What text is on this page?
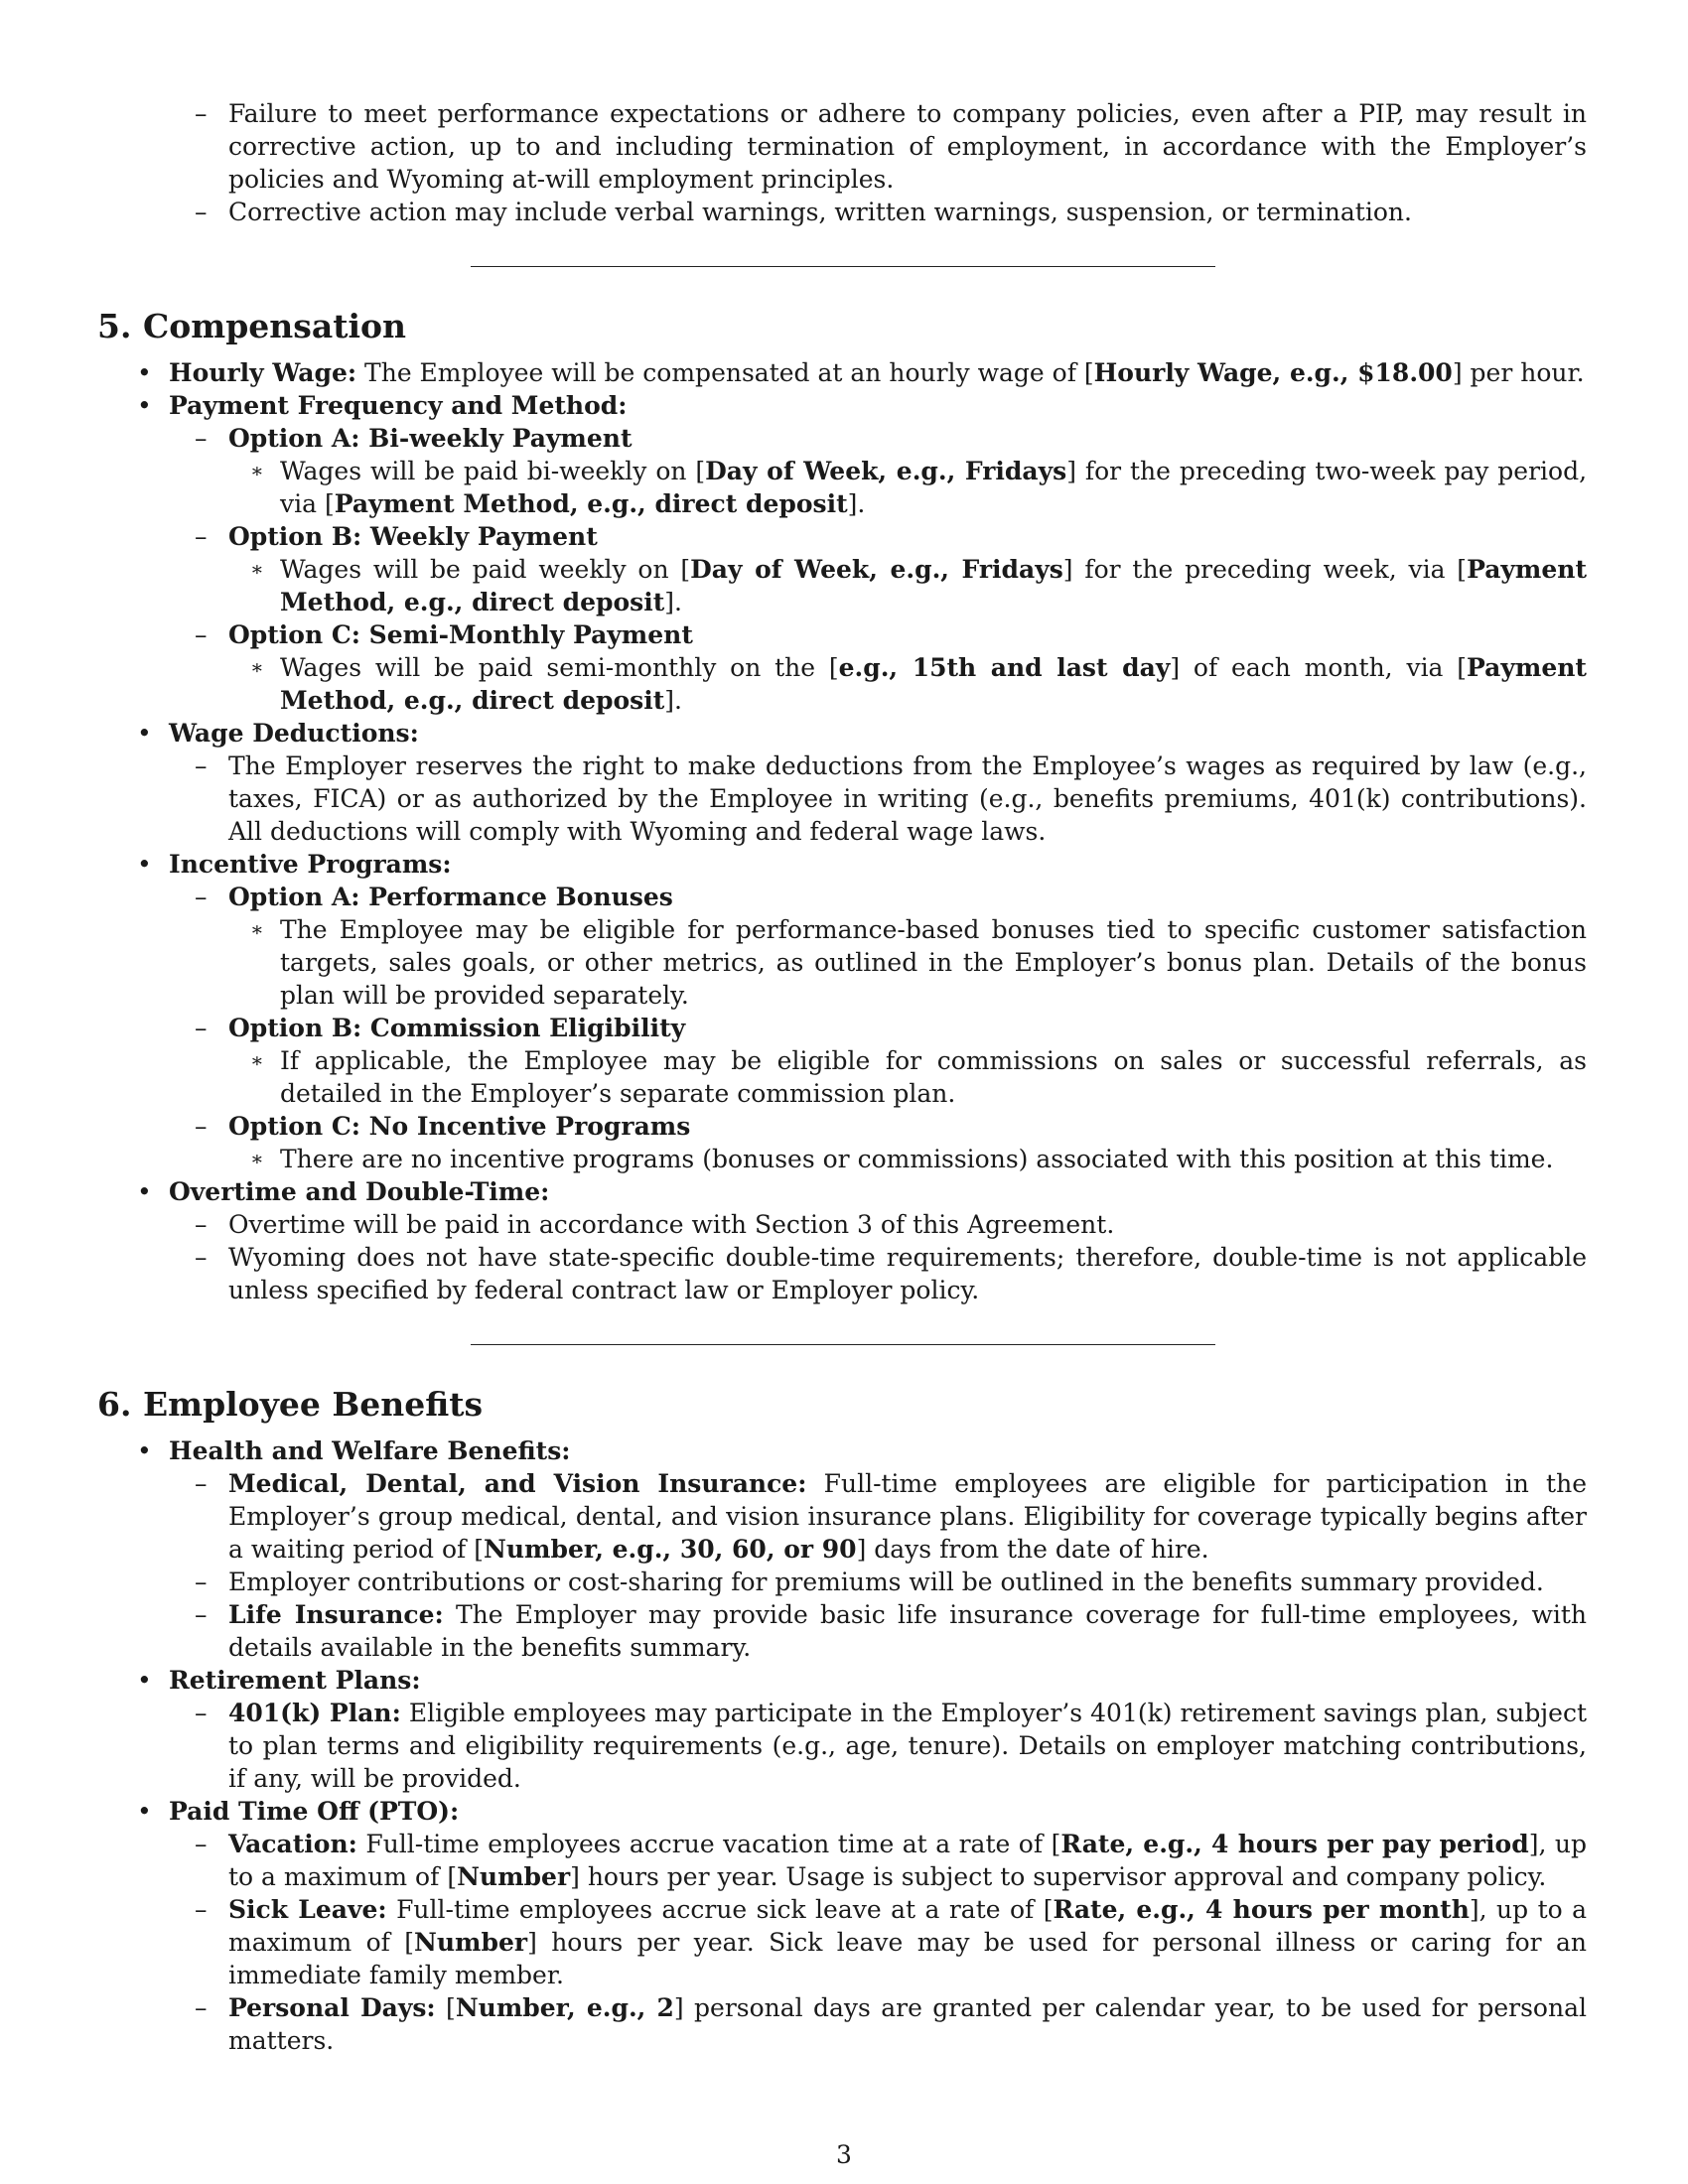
– Failure to meet performance expectations or adhere to company policies, even after a PIP, may result in corrective action, up to and including termination of employment, in accordance with the Employer’s policies and Wyoming at-will employment principles.
– Corrective action may include verbal warnings, written warnings, suspension, or termination.
5. Compensation
• Hourly Wage: The Employee will be compensated at an hourly wage of [Hourly Wage, e.g., $18.00] per hour.
• Payment Frequency and Method:
– Option A: Bi-weekly Payment
∗ Wages will be paid bi-weekly on [Day of Week, e.g., Fridays] for the preceding two-week pay period, via [Payment Method, e.g., direct deposit].
– Option B: Weekly Payment
∗ Wages will be paid weekly on [Day of Week, e.g., Fridays] for the preceding week, via [Payment Method, e.g., direct deposit].
– Option C: Semi-Monthly Payment
∗ Wages will be paid semi-monthly on the [e.g., 15th and last day] of each month, via [Payment Method, e.g., direct deposit].
• Wage Deductions:
– The Employer reserves the right to make deductions from the Employee’s wages as required by law (e.g., taxes, FICA) or as authorized by the Employee in writing (e.g., benefits premiums, 401(k) contributions). All deductions will comply with Wyoming and federal wage laws.
• Incentive Programs:
– Option A: Performance Bonuses
∗ The Employee may be eligible for performance-based bonuses tied to specific customer satisfaction targets, sales goals, or other metrics, as outlined in the Employer’s bonus plan. Details of the bonus plan will be provided separately.
– Option B: Commission Eligibility
∗ If applicable, the Employee may be eligible for commissions on sales or successful referrals, as detailed in the Employer’s separate commission plan.
– Option C: No Incentive Programs
∗ There are no incentive programs (bonuses or commissions) associated with this position at this time.
• Overtime and Double-Time:
– Overtime will be paid in accordance with Section 3 of this Agreement.
– Wyoming does not have state-specific double-time requirements; therefore, double-time is not applicable unless specified by federal contract law or Employer policy.
6. Employee Benefits
• Health and Welfare Benefits:
– Medical, Dental, and Vision Insurance: Full-time employees are eligible for participation in the Employer’s group medical, dental, and vision insurance plans. Eligibility for coverage typically begins after a waiting period of [Number, e.g., 30, 60, or 90] days from the date of hire.
– Employer contributions or cost-sharing for premiums will be outlined in the benefits summary provided.
– Life Insurance: The Employer may provide basic life insurance coverage for full-time employees, with details available in the benefits summary.
• Retirement Plans:
– 401(k) Plan: Eligible employees may participate in the Employer’s 401(k) retirement savings plan, subject to plan terms and eligibility requirements (e.g., age, tenure). Details on employer matching contributions, if any, will be provided.
• Paid Time Off (PTO):
– Vacation: Full-time employees accrue vacation time at a rate of [Rate, e.g., 4 hours per pay period], up to a maximum of [Number] hours per year. Usage is subject to supervisor approval and company policy.
– Sick Leave: Full-time employees accrue sick leave at a rate of [Rate, e.g., 4 hours per month], up to a maximum of [Number] hours per year. Sick leave may be used for personal illness or caring for an immediate family member.
– Personal Days: [Number, e.g., 2] personal days are granted per calendar year, to be used for personal matters.
3
